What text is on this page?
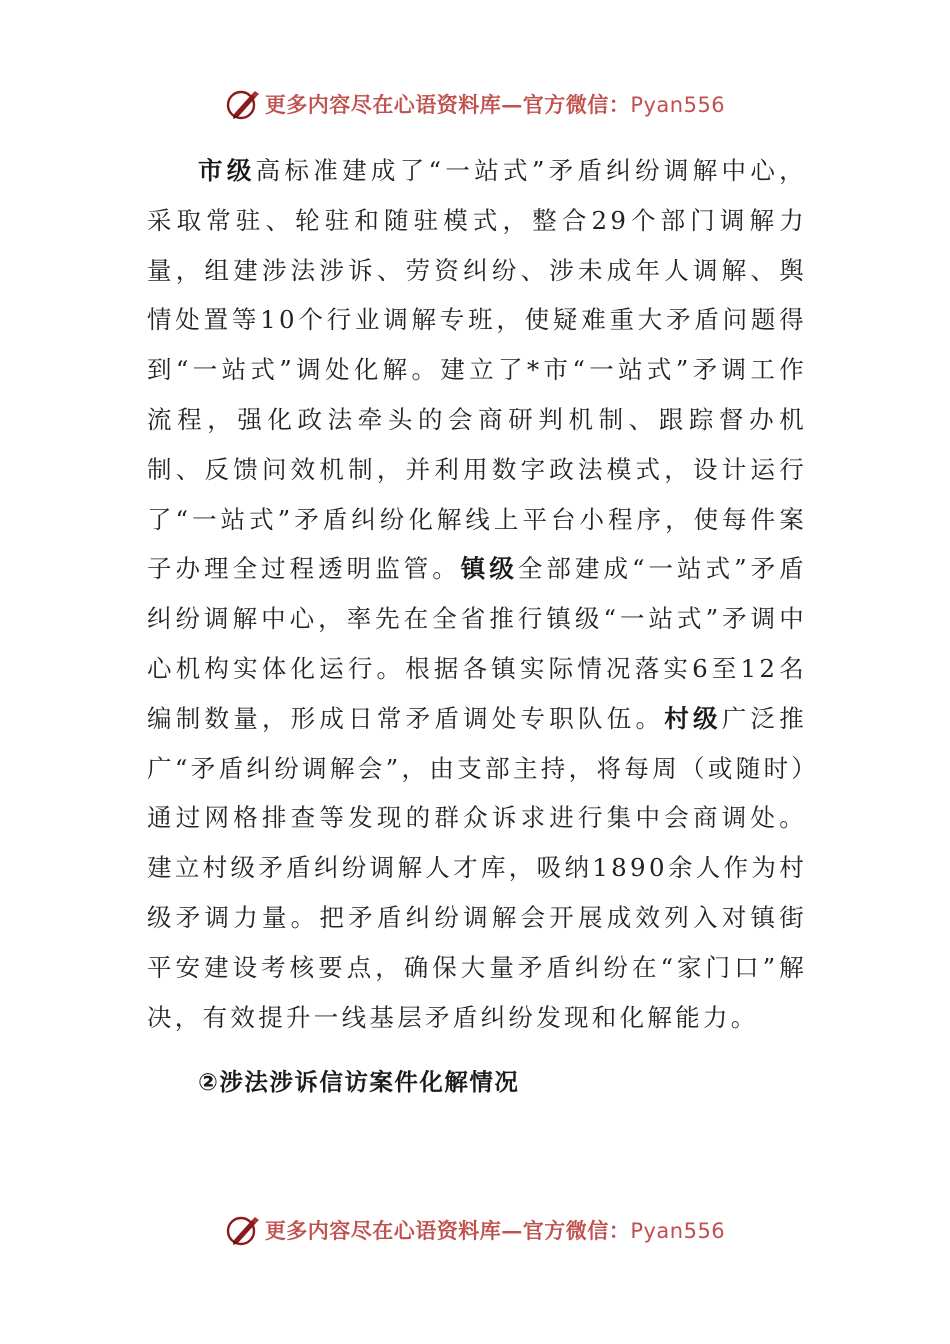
更多内容尽在心语资料库—官方微信：Pyan556

市级高标准建成了“一站式”矛盾纠纷调解中心，采取常驻、轮驻和随驻模式，整合29个部门调解力量，组建涉法涉诉、劳资纠纷、涉未成年人调解、舆情处置等10个行业调解专班，使疑难重大矛盾问题得到“一站式”调处化解。建立了*市“一站式”矛调工作流程，强化政法牵头的会商研判机制、跟踪督办机制、反馈问效机制，并利用数字政法模式，设计运行了“一站式”矛盾纠纷化解线上平台小程序，使每件案子办理全过程透明监管。镇级全部建成“一站式”矛盾纠纷调解中心，率先在全省推行镇级“一站式”矛调中心机构实体化运行。根据各镇实际情况落实6至12名编制数量，形成日常矛盾调处专职队伍。村级广泛推广“矛盾纠纷调解会”，由支部主持，将每周（或随时）通过网格排查等发现的群众诉求进行集中会商调处。建立村级矛盾纠纷调解人才库，吸纳1890余人作为村级矛调力量。把矛盾纠纷调解会开展成效列入对镇街平安建设考核要点，确保大量矛盾纠纷在“家门口”解决，有效提升一线基层矛盾纠纷发现和化解能力。

②涉法涉诉信访案件化解情况
更多内容尽在心语资料库—官方微信：Pyan556
